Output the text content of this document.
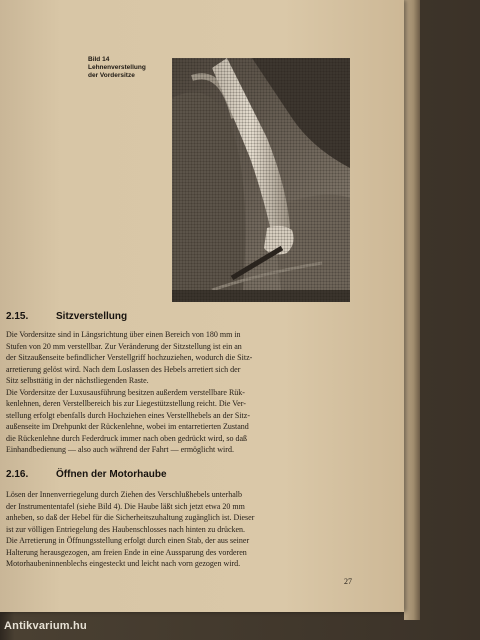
Bild 14
Lehnenverstellung
der Vordersitze
2.15.	Sitzverstellung
Die Vordersitze sind in Längsrichtung über einen Bereich von 180 mm in
Stufen von 20 mm verstellbar. Zur Veränderung der Sitzstellung ist ein an
der Sitzaußenseite befindlicher Verstellgriff hochzuziehen, wodurch die Sitz-
arretierung gelöst wird. Nach dem Loslassen des Hebels arretiert sich der
Sitz selbsttätig in der nächstliegenden Raste.
Die Vordersitze der Luxusausführung besitzen außerdem verstellbare Rük-
kenlehnen, deren Verstellbereich bis zur Liegestützstellung reicht. Die Ver-
stellung erfolgt ebenfalls durch Hochziehen eines Verstellhebels an der Sitz-
außenseite im Drehpunkt der Rückenlehne, wobei im entarretierten Zustand
die Rückenlehne durch Federdruck immer nach oben gedrückt wird, so daß
Einhandbedienung — also auch während der Fahrt — ermöglicht wird.
2.16.	Öffnen der Motorhaube
Lösen der Innenverriegelung durch Ziehen des Verschlußhebels unterhalb
der Instrumententafel (siehe Bild 4). Die Haube läßt sich jetzt etwa 20 mm
anheben, so daß der Hebel für die Sicherheitszuhaltung zugänglich ist. Dieser
ist zur völligen Entriegelung des Haubenschlosses nach hinten zu drücken.
Die Arretierung in Öffnungsstellung erfolgt durch einen Stab, der aus seiner
Halterung herausgezogen, am freien Ende in eine Aussparung des vorderen
Motorhaubeninnenblechs eingesteckt und leicht nach vorn gezogen wird.
27
Antikvarium.hu
